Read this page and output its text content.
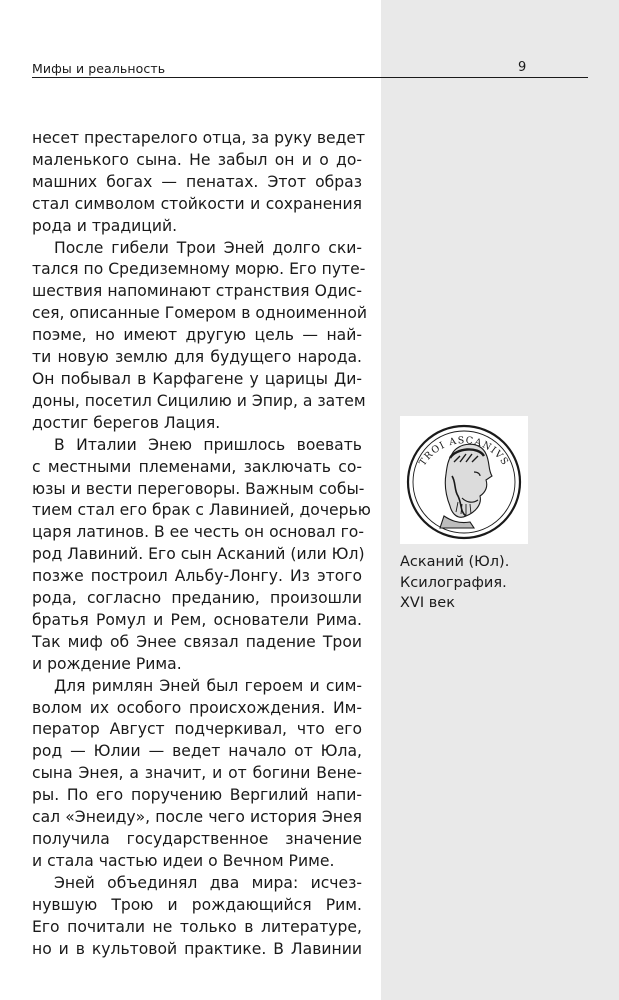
Мифы и реальность	9
несет престарелого отца, за руку ведет
маленького сына. Не забыл он и о до-
машних богах — пенатах. Этот образ
стал символом стойкости и сохранения
рода и традиций.
После гибели Трои Эней долго ски-
тался по Средиземному морю. Его путе-
шествия напоминают странствия Одис-
сея, описанные Гомером в одноименной
поэме, но имеют другую цель — най-
ти новую землю для будущего народа.
Он побывал в Карфагене у царицы Ди-
доны, посетил Сицилию и Эпир, а затем
достиг берегов Лация.
В Италии Энею пришлось воевать
с местными племенами, заключать со-
юзы и вести переговоры. Важным собы-
тием стал его брак с Лавинией, дочерью
царя латинов. В ее честь он основал го-
род Лавиний. Его сын Асканий (или Юл)
позже построил Альбу-Лонгу. Из этого
рода, согласно преданию, произошли
братья Ромул и Рем, основатели Рима.
Так миф об Энее связал падение Трои
и рождение Рима.
Для римлян Эней был героем и сим-
волом их особого происхождения. Им-
ператор Август подчеркивал, что его
род — Юлии — ведет начало от Юла,
сына Энея, а значит, и от богини Вене-
ры. По его поручению Вергилий напи-
сал «Энеиду», после чего история Энея
получила государственное значение
и стала частью идеи о Вечном Риме.
Эней объединял два мира: исчез-
нувшую Трою и рождающийся Рим.
Его почитали не только в литературе,
но и в культовой практике. В Лавинии
TROI ASCANIVS
Асканий (Юл).
Ксилография.
XVI век
